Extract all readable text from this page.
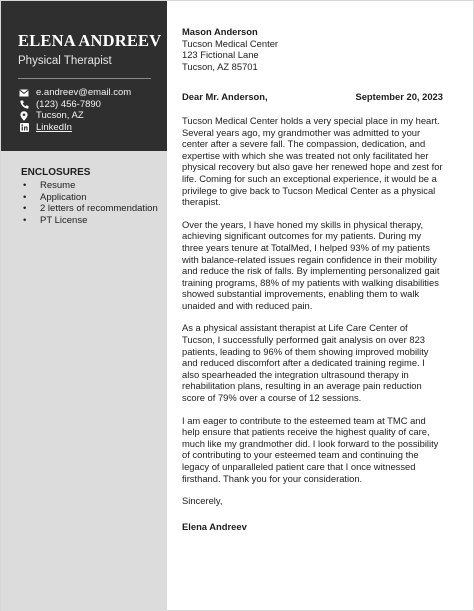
ELENA ANDREEV
Physical Therapist
e.andreev@email.com
(123) 456-7890
Tucson, AZ
LinkedIn
ENCLOSURES
•	Resume
•	Application
•	2 letters of recommendation
•	PT License
Mason Anderson
Tucson Medical Center
123 Fictional Lane
Tucson, AZ 85701
Dear Mr. Anderson,	September 20, 2023

Tucson Medical Center holds a very special place in my heart. Several years ago, my grandmother was admitted to your center after a severe fall. The compassion, dedication, and expertise with which she was treated not only facilitated her physical recovery but also gave her renewed hope and zest for life. Coming for such an exceptional experience, it would be a privilege to give back to Tucson Medical Center as a physical therapist.

Over the years, I have honed my skills in physical therapy, achieving significant outcomes for my patients. During my three years tenure at TotalMed, I helped 93% of my patients with balance-related issues regain confidence in their mobility and reduce the risk of falls. By implementing personalized gait training programs, 88% of my patients with walking disabilities showed substantial improvements, enabling them to walk unaided and with reduced pain.

As a physical assistant therapist at Life Care Center of Tucson, I successfully performed gait analysis on over 823 patients, leading to 96% of them showing improved mobility and reduced discomfort after a dedicated training regime. I also spearheaded the integration ultrasound therapy in rehabilitation plans, resulting in an average pain reduction score of 79% over a course of 12 sessions.

I am eager to contribute to the esteemed team at TMC and help ensure that patients receive the highest quality of care, much like my grandmother did. I look forward to the possibility of contributing to your esteemed team and continuing the legacy of unparalleled patient care that I once witnessed firsthand. Thank you for your consideration.

Sincerely,

Elena Andreev
